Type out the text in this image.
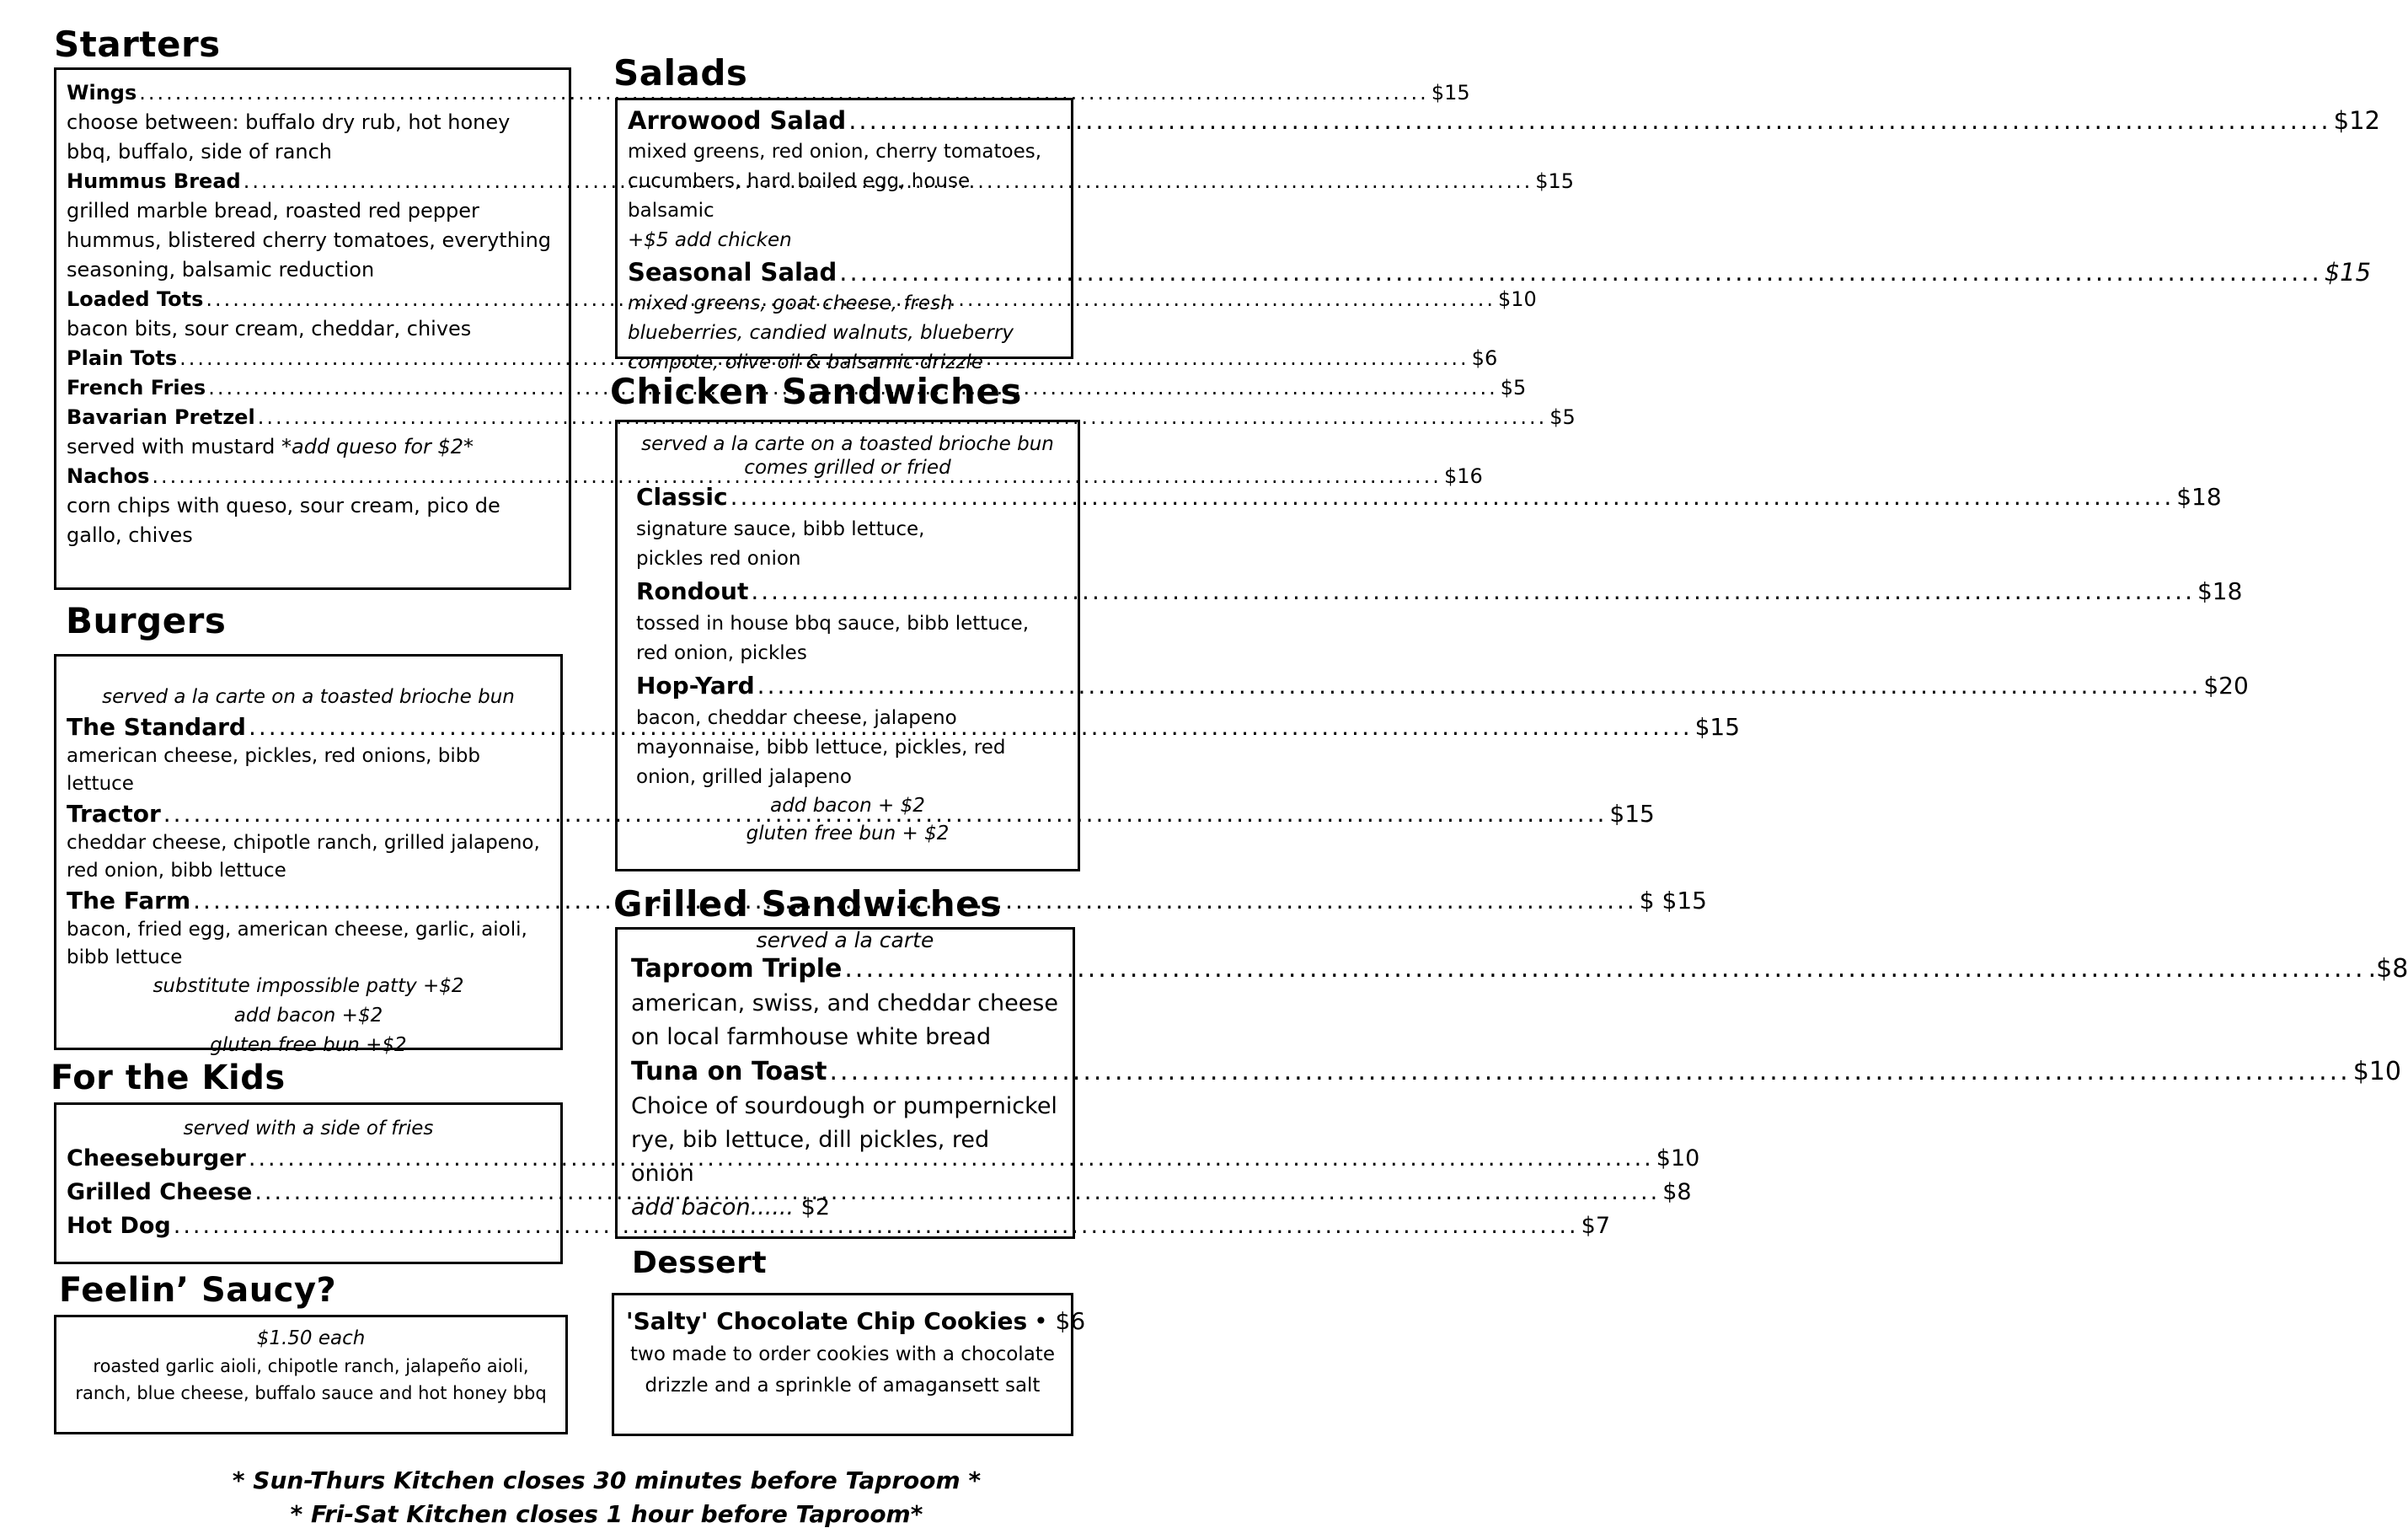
Starters
Wings .....	$15

choose between: buffalo dry rub, hot honey bbq, buffalo, side of ranch

Hummus Bread .....	$15

grilled marble bread, roasted red pepper hummus, blistered cherry tomatoes, everything seasoning, balsamic reduction

Loaded Tots .....	$10

bacon bits, sour cream, cheddar, chives

Plain Tots .....	$6
French Fries .....	$5
Bavarian Pretzel .....	$5

served with mustard *add queso for $2*

Nachos .....	$16

corn chips with queso, sour cream, pico de gallo, chives

Burgers

served a la carte on a toasted brioche bun

The Standard .....	$15

american cheese, pickles, red onions, bibb lettuce

Tractor .....	$15

cheddar cheese, chipotle ranch, grilled jalapeno, red onion, bibb lettuce

The Farm .....	$ $15

bacon, fried egg, american cheese, garlic, aioli, bibb lettuce

substitute impossible patty +$2

add bacon +$2

gluten free bun +$2

For the Kids

served with a side of fries

Cheeseburger .....	$10
Grilled Cheese .....	$8
Hot Dog .....	$7
Feelin’ Saucy?

$1.50 each

roasted garlic aioli, chipotle ranch, jalapeño aioli, ranch, blue cheese, buffalo sauce and hot honey bbq

Salads
Arrowood Salad .....	$12

mixed greens, red onion, cherry tomatoes, cucumbers, hard boiled egg, house balsamic

+$5 add chicken

Seasonal Salad .....	$15

mixed greens, goat cheese, fresh blueberries, candied walnuts, blueberry compote, olive oil & balsamic drizzle

Chicken Sandwiches

served a la carte on a toasted brioche bun

comes grilled or fried

Classic .....	$18

signature sauce, bibb lettuce, pickles red onion

Rondout .....	$18

tossed in house bbq sauce, bibb lettuce, red onion, pickles

Hop-Yard .....	$20

bacon, cheddar cheese, jalapeno mayonnaise, bibb lettuce, pickles, red onion, grilled jalapeno

add bacon + $2

gluten free bun + $2

Grilled Sandwiches

served a la carte

Taproom Triple .....	.$8

american, swiss, and cheddar cheese on local farmhouse white bread

Tuna on Toast .....	$10

Choice of sourdough or pumpernickel rye, bib lettuce, dill pickles, red onion

add bacon...... $2

Dessert
'Salty' Chocolate Chip Cookies • $6

two made to order cookies with a chocolate drizzle and a sprinkle of amagansett salt

* Sun-Thurs Kitchen closes 30 minutes before Taproom *

* Fri-Sat Kitchen closes 1 hour before Taproom*
